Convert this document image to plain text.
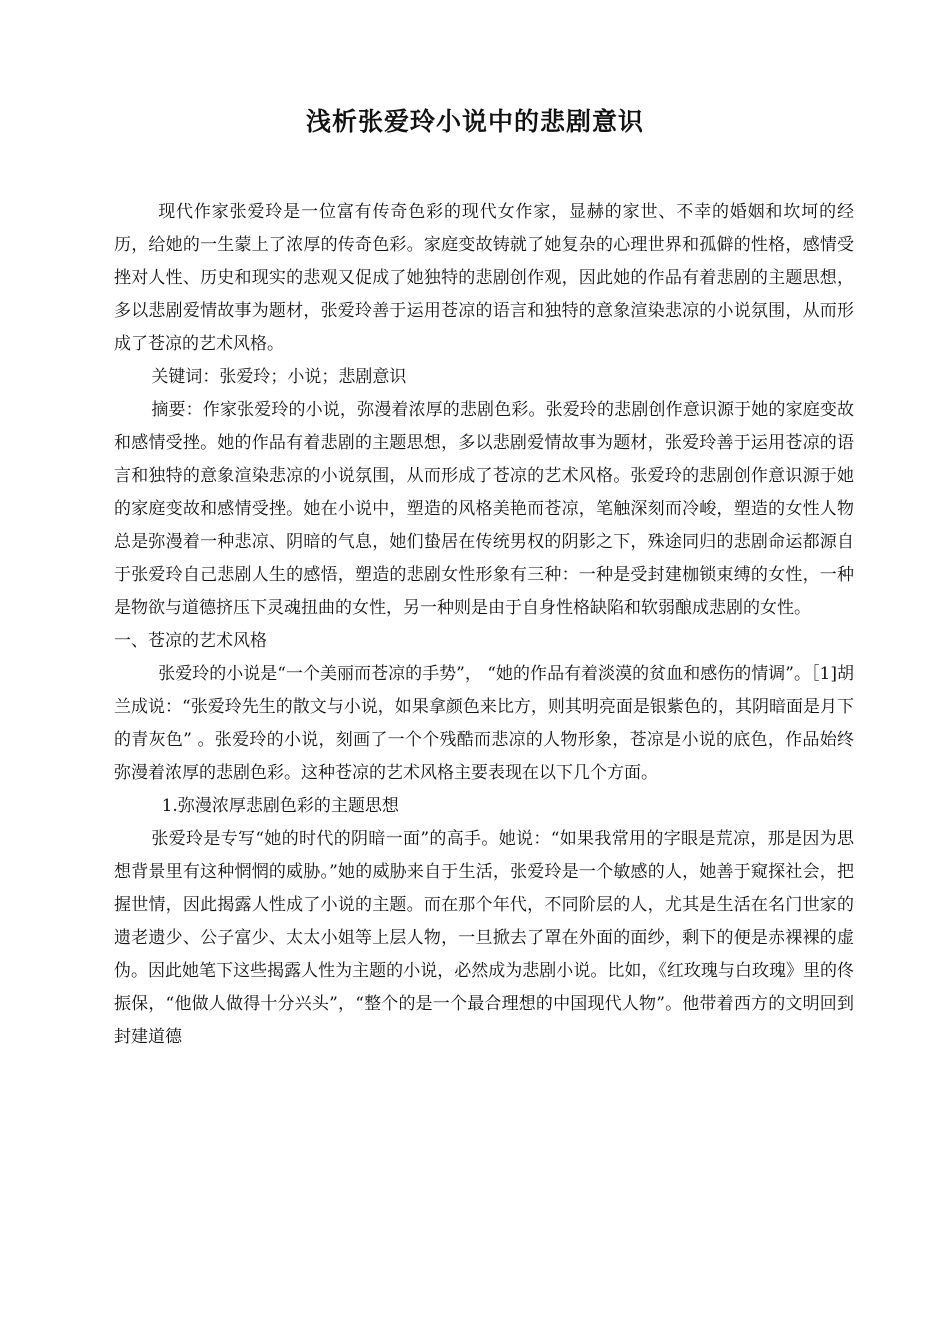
浅析张爱玲小说中的悲剧意识

现代作家张爱玲是一位富有传奇色彩的现代女作家，显赫的家世、不幸的婚姻和坎坷的经历，给她的一生蒙上了浓厚的传奇色彩。家庭变故铸就了她复杂的心理世界和孤僻的性格，感情受挫对人性、历史和现实的悲观又促成了她独特的悲剧创作观，因此她的作品有着悲剧的主题思想，多以悲剧爱情故事为题材，张爱玲善于运用苍凉的语言和独特的意象渲染悲凉的小说氛围，从而形成了苍凉的艺术风格。

关键词：张爱玲；小说；悲剧意识

摘要：作家张爱玲的小说，弥漫着浓厚的悲剧色彩。张爱玲的悲剧创作意识源于她的家庭变故和感情受挫。她的作品有着悲剧的主题思想，多以悲剧爱情故事为题材，张爱玲善于运用苍凉的语言和独特的意象渲染悲凉的小说氛围，从而形成了苍凉的艺术风格。张爱玲的悲剧创作意识源于她的家庭变故和感情受挫。她在小说中，塑造的风格美艳而苍凉，笔触深刻而冷峻，塑造的女性人物总是弥漫着一种悲凉、阴暗的气息，她们蛰居在传统男权的阴影之下，殊途同归的悲剧命运都源自于张爱玲自己悲剧人生的感悟，塑造的悲剧女性形象有三种：一种是受封建枷锁束缚的女性，一种是物欲与道德挤压下灵魂扭曲的女性，另一种则是由于自身性格缺陷和软弱酿成悲剧的女性。

一、苍凉的艺术风格

张爱玲的小说是“一个美丽而苍凉的手势”， “她的作品有着淡漠的贫血和感伤的情调”。［1]胡兰成说：“张爱玲先生的散文与小说，如果拿颜色来比方，则其明亮面是银紫色的，其阴暗面是月下的青灰色” 。张爱玲的小说，刻画了一个个残酷而悲凉的人物形象，苍凉是小说的底色，作品始终弥漫着浓厚的悲剧色彩。这种苍凉的艺术风格主要表现在以下几个方面。

1.弥漫浓厚悲剧色彩的主题思想

张爱玲是专写“她的时代的阴暗一面”的高手。她说：“如果我常用的字眼是荒凉，那是因为思想背景里有这种惘惘的威胁。”她的威胁来自于生活，张爱玲是一个敏感的人，她善于窥探社会，把握世情，因此揭露人性成了小说的主题。而在那个年代，不同阶层的人，尤其是生活在名门世家的遗老遗少、公子富少、太太小姐等上层人物，一旦掀去了罩在外面的面纱，剩下的便是赤裸裸的虚伪。因此她笔下这些揭露人性为主题的小说，必然成为悲剧小说。比如，《红玫瑰与白玫瑰》里的佟振保，“他做人做得十分兴头”，“整个的是一个最合理想的中国现代人物”。他带着西方的文明回到封建道德
